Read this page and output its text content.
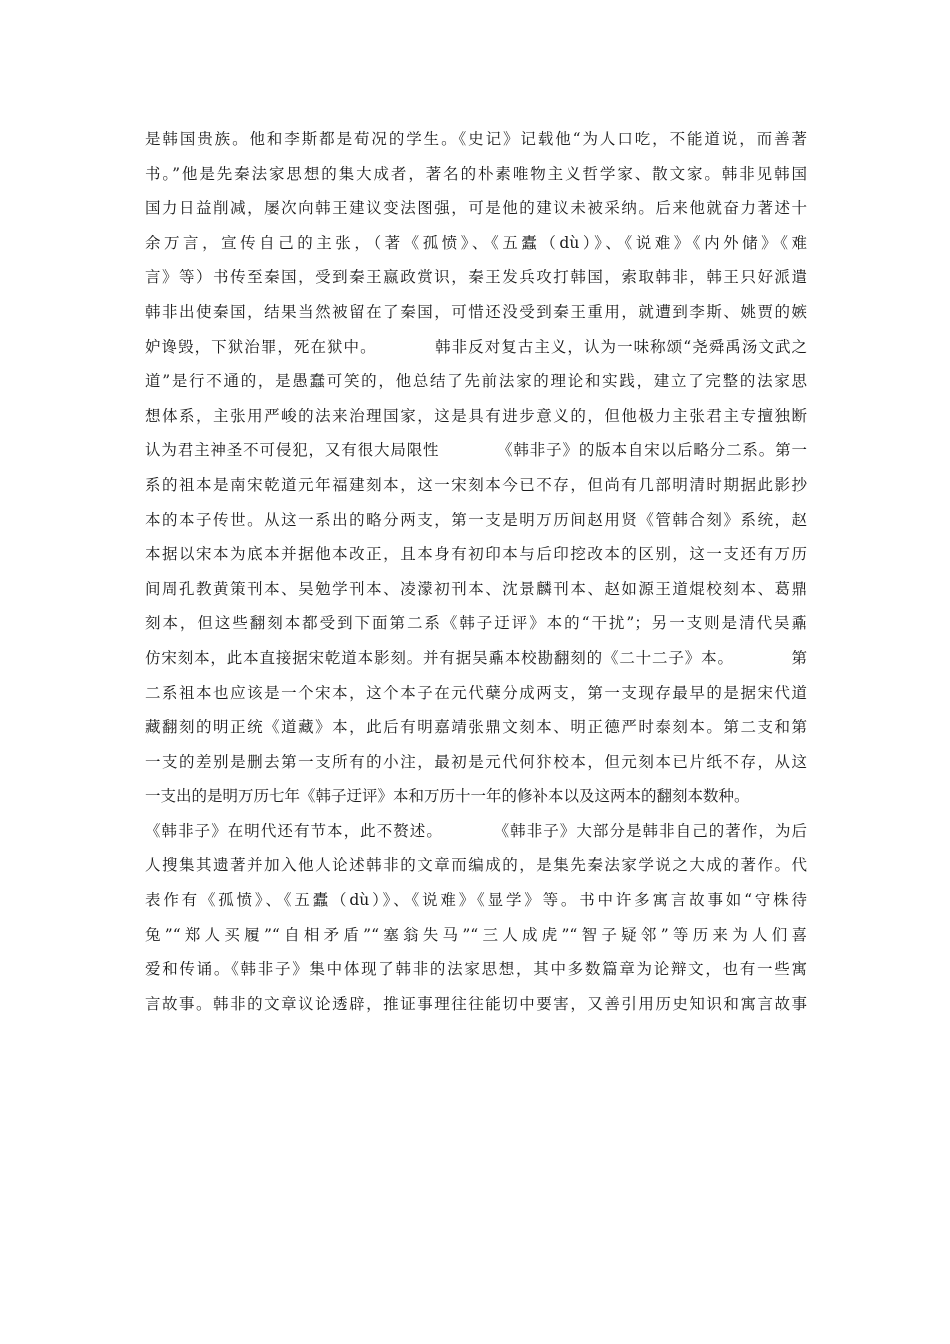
是韩国贵族。他和李斯都是荀况的学生。《史记》记载他“为人口吃，不能道说，而善著
书。”他是先秦法家思想的集大成者，著名的朴素唯物主义哲学家、散文家。韩非见韩国
国力日益削减，屡次向韩王建议变法图强，可是他的建议未被采纳。后来他就奋力著述十
余万言，宣传自己的主张，（著《孤愤》、《五蠹（dù）》、《说难》《内外储》《难
言》等）书传至秦国，受到秦王嬴政赏识，秦王发兵攻打韩国，索取韩非，韩王只好派遣
韩非出使秦国，结果当然被留在了秦国，可惜还没受到秦王重用，就遭到李斯、姚贾的嫉
妒谗毁，下狱治罪，死在狱中。　　　　韩非反对复古主义，认为一味称颂“尧舜禹汤文武之
道”是行不通的，是愚蠢可笑的，他总结了先前法家的理论和实践，建立了完整的法家思
想体系，主张用严峻的法来治理国家，这是具有进步意义的，但他极力主张君主专擅独断
认为君主神圣不可侵犯，又有很大局限性　　　　《韩非子》的版本自宋以后略分二系。第一
系的祖本是南宋乾道元年福建刻本，这一宋刻本今已不存，但尚有几部明清时期据此影抄
本的本子传世。从这一系出的略分两支，第一支是明万历间赵用贤《管韩合刻》系统，赵
本据以宋本为底本并据他本改正，且本身有初印本与后印挖改本的区别，这一支还有万历
间周孔教黄策刊本、吴勉学刊本、凌濛初刊本、沈景麟刊本、赵如源王道焜校刻本、葛鼎
刻本，但这些翻刻本都受到下面第二系《韩子迂评》本的“干扰”；另一支则是清代吴鼒
仿宋刻本，此本直接据宋乾道本影刻。并有据吴鼒本校勘翻刻的《二十二子》本。　　　　第
二系祖本也应该是一个宋本，这个本子在元代蘖分成两支，第一支现存最早的是据宋代道
藏翻刻的明正统《道藏》本，此后有明嘉靖张鼎文刻本、明正德严时泰刻本。第二支和第
一支的差别是删去第一支所有的小注，最初是元代何犿校本，但元刻本已片纸不存，从这
一支出的是明万历七年《韩子迂评》本和万历十一年的修补本以及这两本的翻刻本数种。
《韩非子》在明代还有节本，此不赘述。　　　　《韩非子》大部分是韩非自己的著作，为后
人搜集其遗著并加入他人论述韩非的文章而编成的，是集先秦法家学说之大成的著作。代
表作有《孤愤》、《五蠹（dù）》、《说难》《显学》等。书中许多寓言故事如“守株待
兔”“郑人买履”“自相矛盾”“塞翁失马”“三人成虎”“智子疑邻”等历来为人们喜
爱和传诵。《韩非子》集中体现了韩非的法家思想，其中多数篇章为论辩文，也有一些寓
言故事。韩非的文章议论透辟，推证事理往往能切中要害，又善引用历史知识和寓言故事
